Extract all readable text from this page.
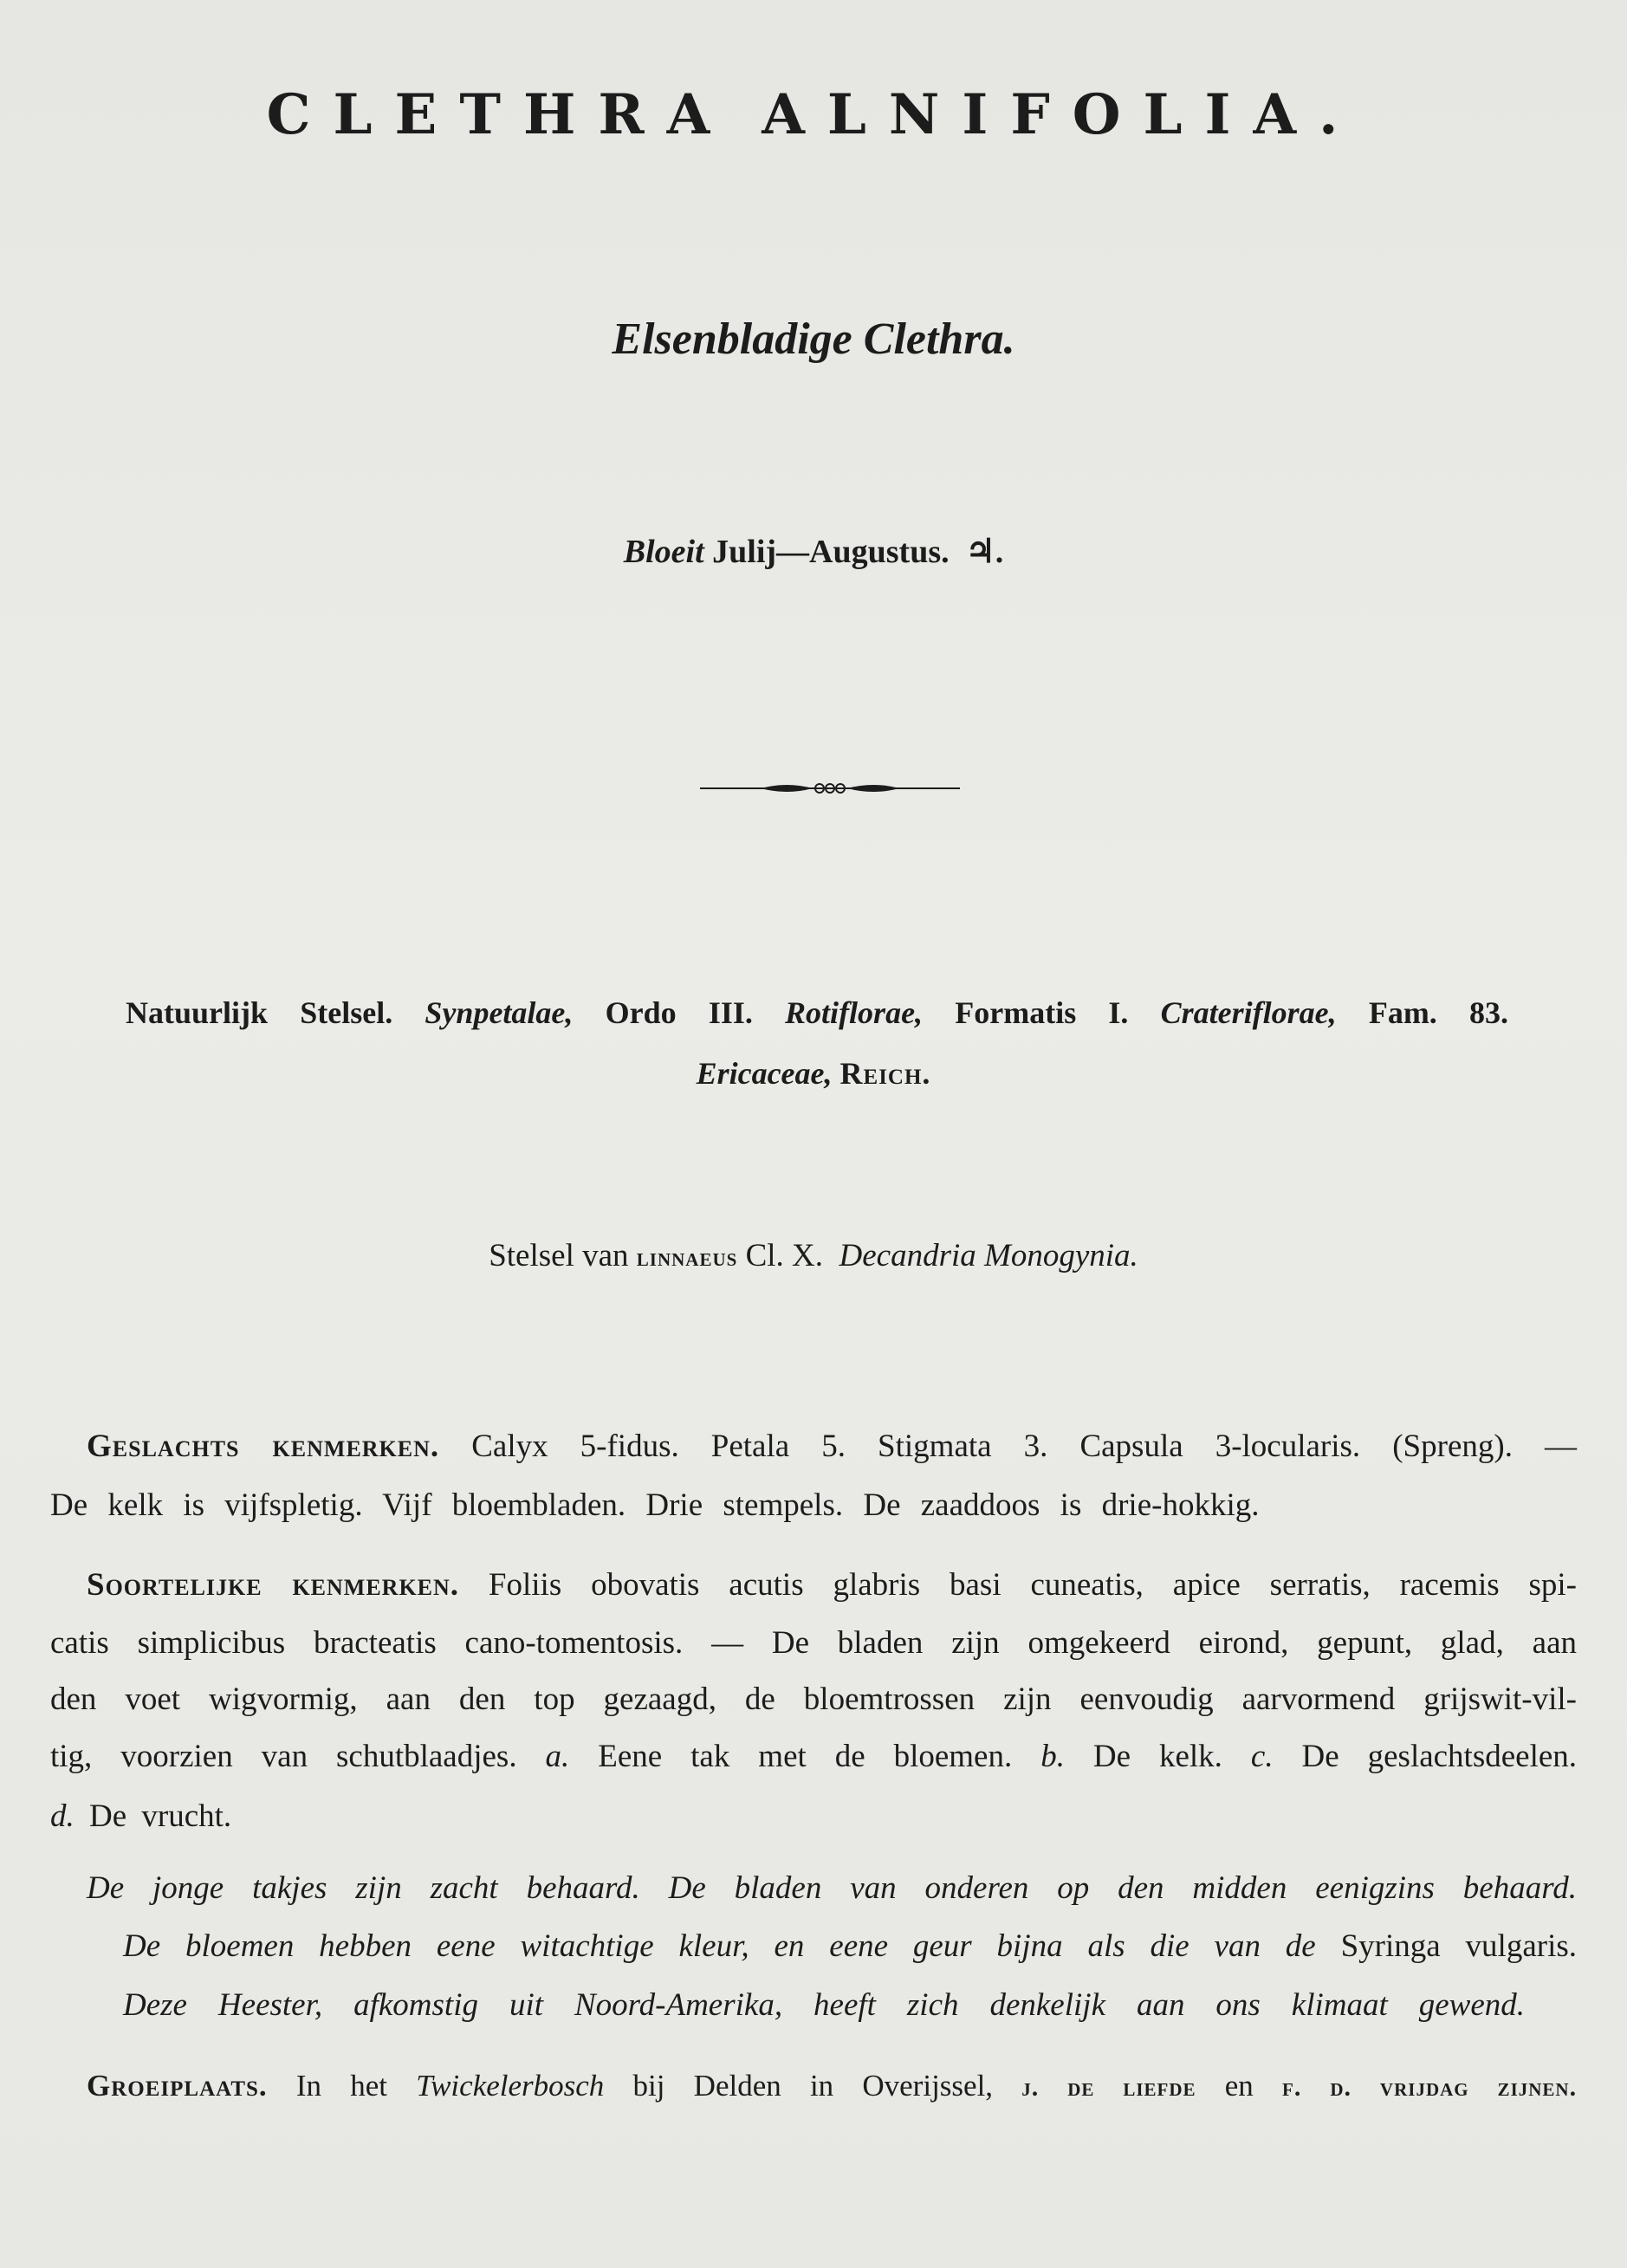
CLETHRA ALNIFOLIA.
Elsenbladige Clethra.
Bloeit Julij—Augustus. ♃.
Natuurlijk Stelsel. Synpetalae, Ordo III. Rotiflorae, Formatis I. Crateriflorae, Fam. 83.
Ericaceae, Reich.
Stelsel van linnaeus Cl. X. Decandria Monogynia.
Geslachts kenmerken. Calyx 5-fidus. Petala 5. Stigmata 3. Capsula 3-locularis. (Spreng). —
De kelk is vijfspletig. Vijf bloembladen. Drie stempels. De zaaddoos is drie-hokkig.
Soortelijke kenmerken. Foliis obovatis acutis glabris basi cuneatis, apice serratis, racemis spi-
catis simplicibus bracteatis cano-tomentosis. — De bladen zijn omgekeerd eirond, gepunt, glad, aan
den voet wigvormig, aan den top gezaagd, de bloemtrossen zijn eenvoudig aarvormend grijswit-vil-
tig, voorzien van schutblaadjes. a. Eene tak met de bloemen. b. De kelk. c. De geslachtsdeelen.
d. De vrucht.
De jonge takjes zijn zacht behaard. De bladen van onderen op den midden eenigzins behaard.
De bloemen hebben eene witachtige kleur, en eene geur bijna als die van de Syringa vulgaris.
Deze Heester, afkomstig uit Noord-Amerika, heeft zich denkelijk aan ons klimaat gewend.
Groeiplaats. In het Twickelerbosch bij Delden in Overijssel, j. de liefde en f. d. vrijdag zijnen.
